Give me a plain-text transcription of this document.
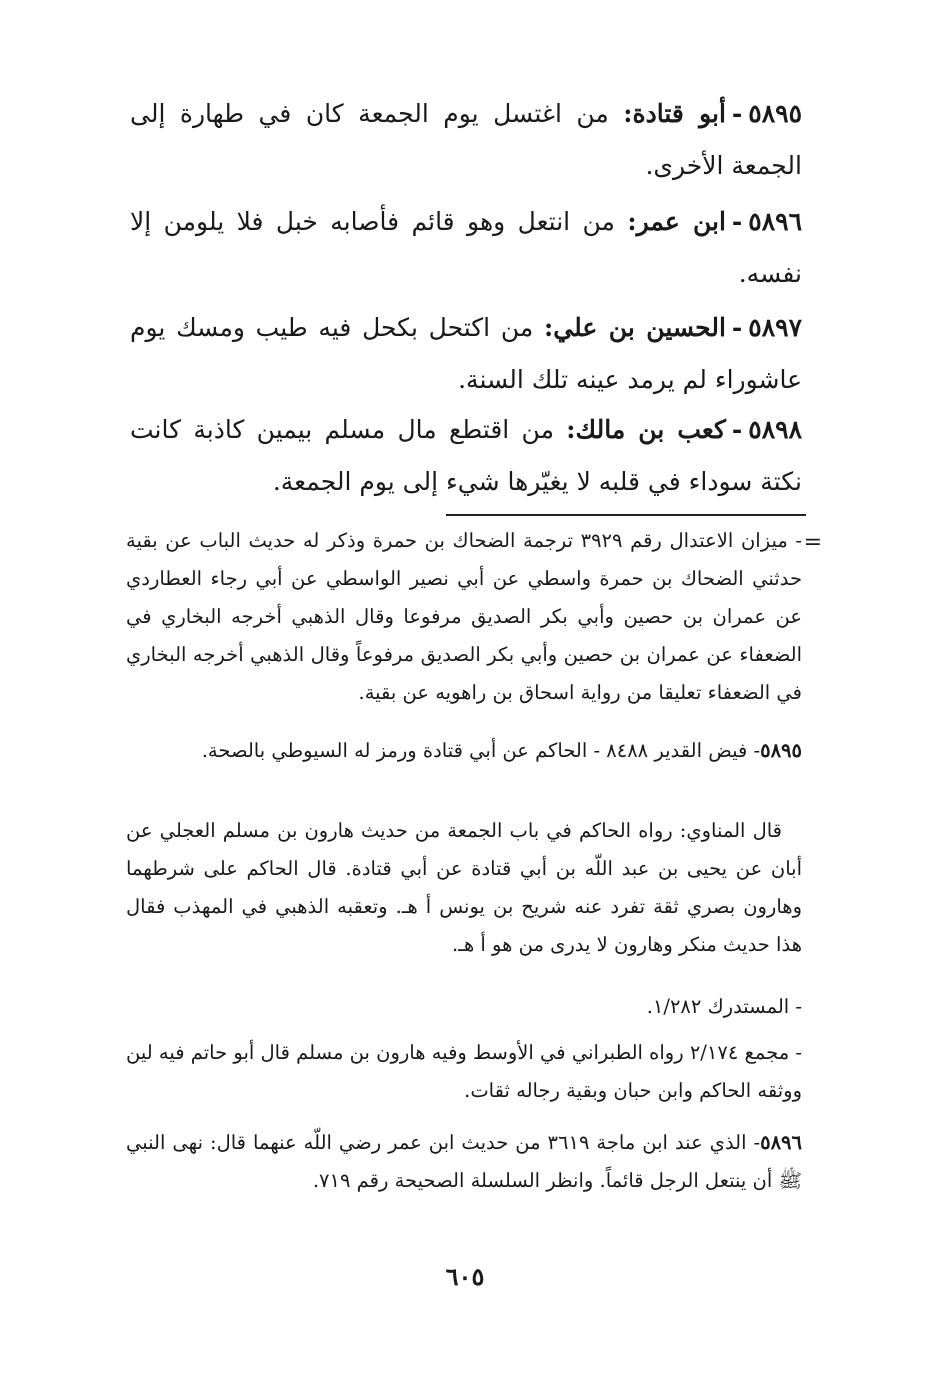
٥٨٩٥-أبو قتادة: من اغتسل يوم الجمعة كان في طهارة إلى الجمعة الأخرى.

٥٨٩٦-ابن عمر: من انتعل وهو قائم فأصابه خبل فلا يلومن إلا نفسه.

٥٨٩٧-الحسين بن علي: من اكتحل بكحل فيه طيب ومسك يوم عاشوراء لم يرمد عينه تلك السنة.

٥٨٩٨-كعب بن مالك: من اقتطع مال مسلم بيمين كاذبة كانت نكتة سوداء في قلبه لا يغيّرها شيء إلى يوم الجمعة.

=

- ميزان الاعتدال رقم ٣٩٢٩ ترجمة الضحاك بن حمرة وذكر له حديث الباب عن بقية حدثني الضحاك بن حمرة واسطي عن أبي نصير الواسطي عن أبي رجاء العطاردي عن عمران بن حصين وأبي بكر الصديق مرفوعا وقال الذهبي أخرجه البخاري في الضعفاء عن عمران بن حصين وأبي بكر الصديق مرفوعاً وقال الذهبي أخرجه البخاري في الضعفاء تعليقا من رواية اسحاق بن راهويه عن بقية.

٥٨٩٥- فيض القدير ٨٤٨٨ - الحاكم عن أبي قتادة ورمز له السيوطي بالصحة.

قال المناوي: رواه الحاكم في باب الجمعة من حديث هارون بن مسلم العجلي عن أبان عن يحيى بن عبد اللّه بن أبي قتادة عن أبي قتادة. قال الحاكم على شرطهما وهارون بصري ثقة تفرد عنه شريح بن يونس أ هـ. وتعقبه الذهبي في المهذب فقال هذا حديث منكر وهارون لا يدرى من هو أ هـ.

- المستدرك ١/٢٨٢.

- مجمع ٢/١٧٤ رواه الطبراني في الأوسط وفيه هارون بن مسلم قال أبو حاتم فيه لين ووثقه الحاكم وابن حبان وبقية رجاله ثقات.

٥٨٩٦- الذي عند ابن ماجة ٣٦١٩ من حديث ابن عمر رضي اللّه عنهما قال: نهى النبي ﷺ أن ينتعل الرجل قائماً. وانظر السلسلة الصحيحة رقم ٧١٩.

٦٠٥
